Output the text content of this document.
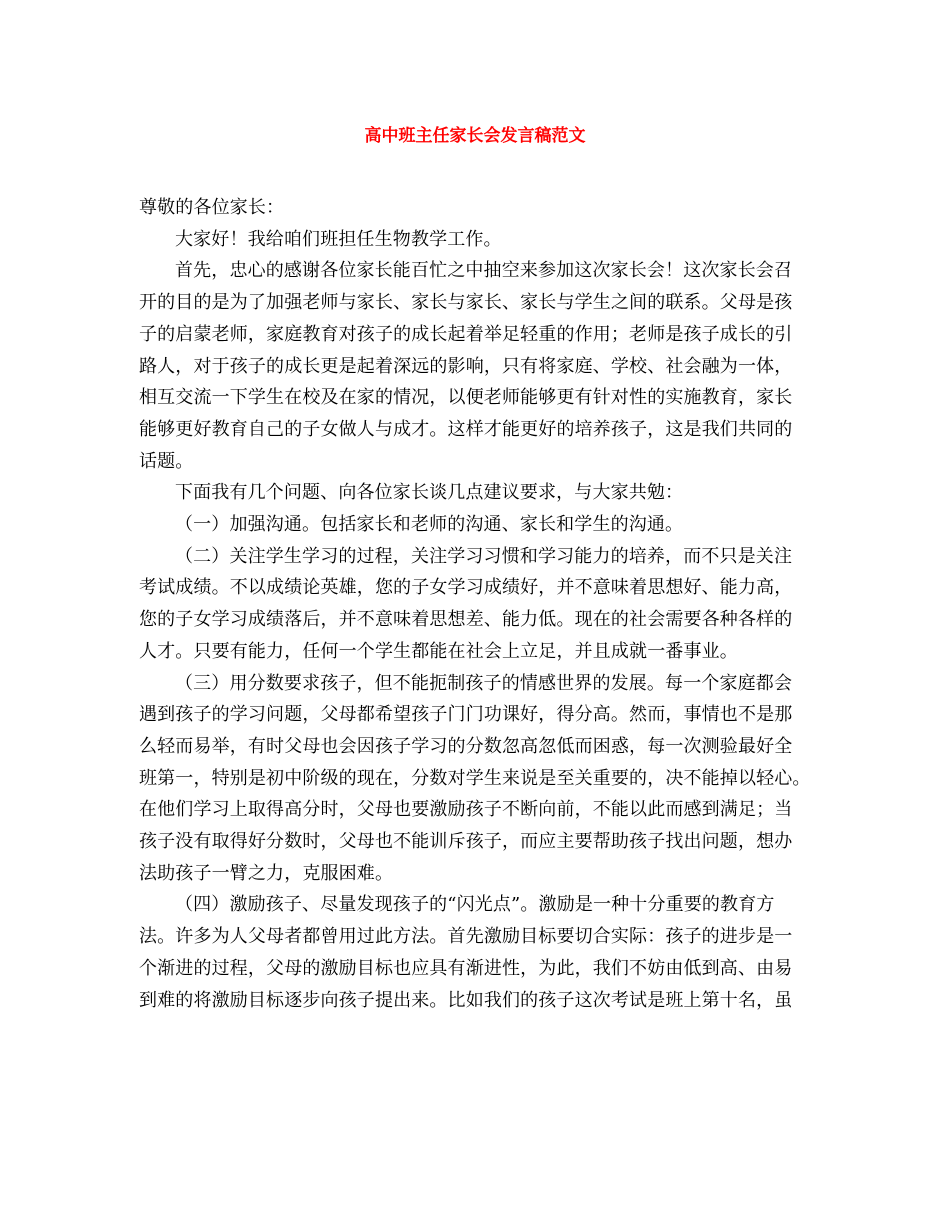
高中班主任家长会发言稿范文
尊敬的各位家长：

大家好！我给咱们班担任生物教学工作。

首先，忠心的感谢各位家长能百忙之中抽空来参加这次家长会！这次家长会召
开的目的是为了加强老师与家长、家长与家长、家长与学生之间的联系。父母是孩
子的启蒙老师，家庭教育对孩子的成长起着举足轻重的作用；老师是孩子成长的引
路人，对于孩子的成长更是起着深远的影响，只有将家庭、学校、社会融为一体，
相互交流一下学生在校及在家的情况，以便老师能够更有针对性的实施教育，家长
能够更好教育自己的子女做人与成才。这样才能更好的培养孩子，这是我们共同的
话题。

下面我有几个问题、向各位家长谈几点建议要求，与大家共勉：

（一）加强沟通。包括家长和老师的沟通、家长和学生的沟通。

（二）关注学生学习的过程，关注学习习惯和学习能力的培养，而不只是关注
考试成绩。不以成绩论英雄，您的子女学习成绩好，并不意味着思想好、能力高，
您的子女学习成绩落后，并不意味着思想差、能力低。现在的社会需要各种各样的
人才。只要有能力，任何一个学生都能在社会上立足，并且成就一番事业。

（三）用分数要求孩子，但不能扼制孩子的情感世界的发展。每一个家庭都会
遇到孩子的学习问题，父母都希望孩子门门功课好，得分高。然而，事情也不是那
么轻而易举，有时父母也会因孩子学习的分数忽高忽低而困惑，每一次测验最好全
班第一，特别是初中阶级的现在，分数对学生来说是至关重要的，决不能掉以轻心。
在他们学习上取得高分时，父母也要激励孩子不断向前，不能以此而感到满足；当
孩子没有取得好分数时，父母也不能训斥孩子，而应主要帮助孩子找出问题，想办
法助孩子一臂之力，克服困难。

（四）激励孩子、尽量发现孩子的“闪光点”。激励是一种十分重要的教育方
法。许多为人父母者都曾用过此方法。首先激励目标要切合实际：孩子的进步是一
个渐进的过程，父母的激励目标也应具有渐进性，为此，我们不妨由低到高、由易
到难的将激励目标逐步向孩子提出来。比如我们的孩子这次考试是班上第十名，虽
